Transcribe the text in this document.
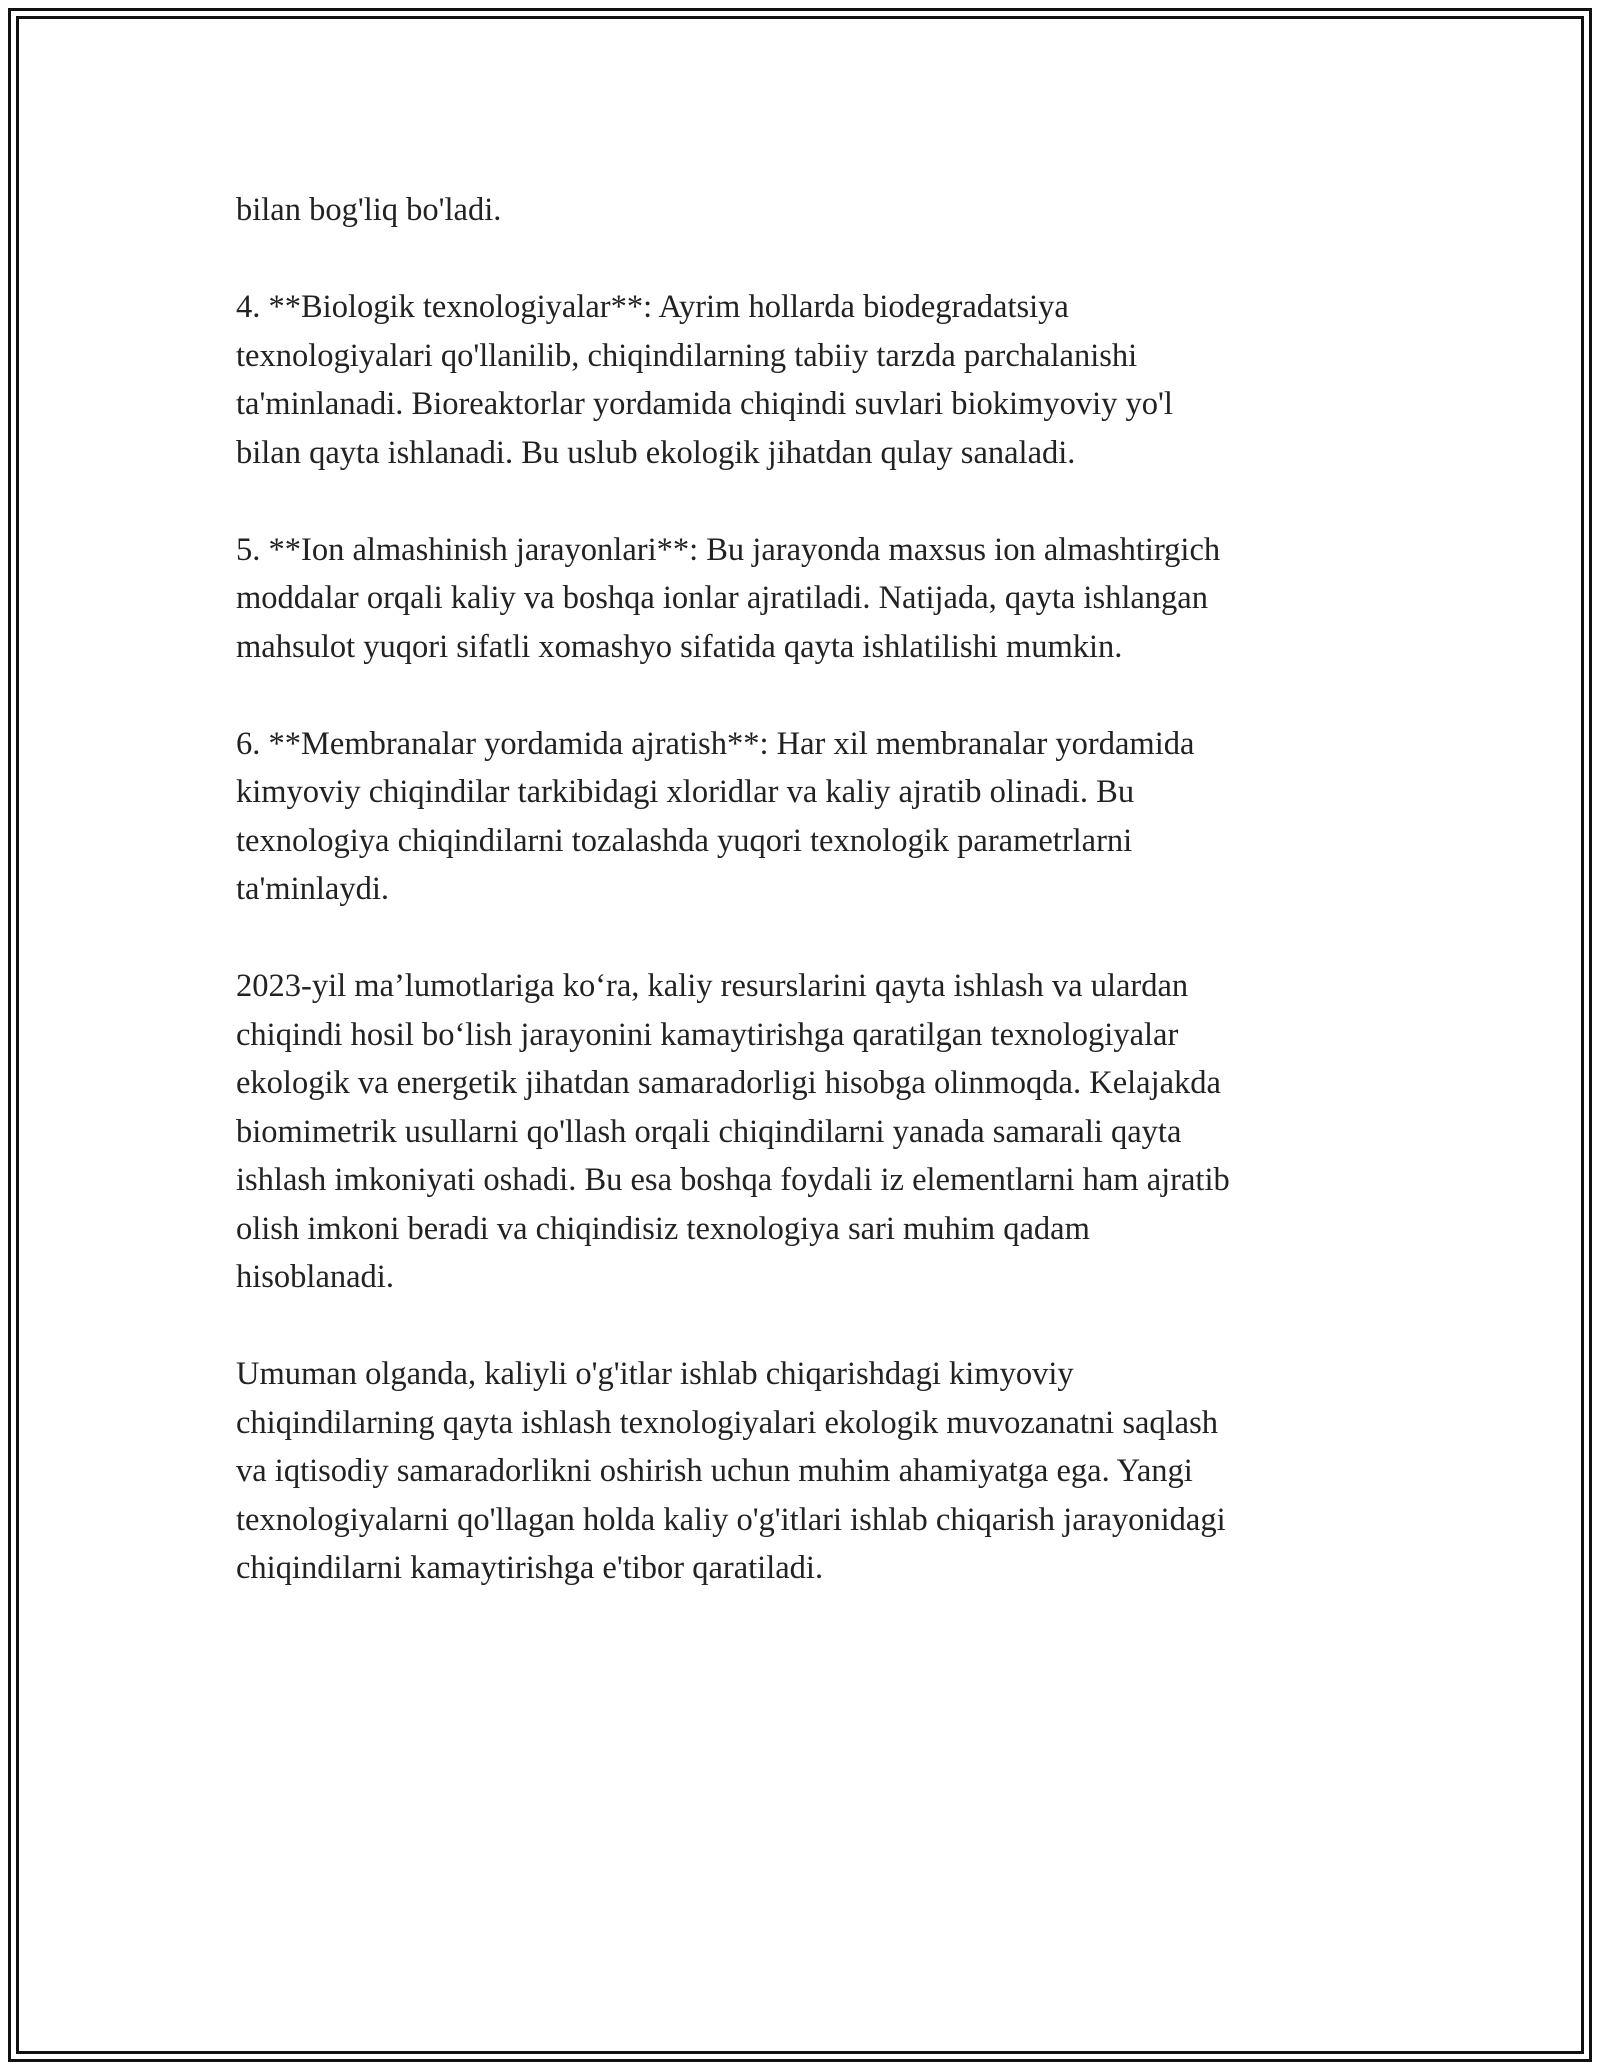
bilan bog'liq bo'ladi.

4. **Biologik texnologiyalar**: Ayrim hollarda biodegradatsiya
texnologiyalari qo'llanilib, chiqindilarning tabiiy tarzda parchalanishi
ta'minlanadi. Bioreaktorlar yordamida chiqindi suvlari biokimyoviy yo'l
bilan qayta ishlanadi. Bu uslub ekologik jihatdan qulay sanaladi.

5. **Ion almashinish jarayonlari**: Bu jarayonda maxsus ion almashtirgich
moddalar orqali kaliy va boshqa ionlar ajratiladi. Natijada, qayta ishlangan
mahsulot yuqori sifatli xomashyo sifatida qayta ishlatilishi mumkin.

6. **Membranalar yordamida ajratish**: Har xil membranalar yordamida
kimyoviy chiqindilar tarkibidagi xloridlar va kaliy ajratib olinadi. Bu
texnologiya chiqindilarni tozalashda yuqori texnologik parametrlarni
ta'minlaydi.

2023-yil ma’lumotlariga ko‘ra, kaliy resurslarini qayta ishlash va ulardan
chiqindi hosil bo‘lish jarayonini kamaytirishga qaratilgan texnologiyalar
ekologik va energetik jihatdan samaradorligi hisobga olinmoqda. Kelajakda
biomimetrik usullarni qo'llash orqali chiqindilarni yanada samarali qayta
ishlash imkoniyati oshadi. Bu esa boshqa foydali iz elementlarni ham ajratib
olish imkoni beradi va chiqindisiz texnologiya sari muhim qadam
hisoblanadi.

Umuman olganda, kaliyli o'g'itlar ishlab chiqarishdagi kimyoviy
chiqindilarning qayta ishlash texnologiyalari ekologik muvozanatni saqlash
va iqtisodiy samaradorlikni oshirish uchun muhim ahamiyatga ega. Yangi
texnologiyalarni qo'llagan holda kaliy o'g'itlari ishlab chiqarish jarayonidagi
chiqindilarni kamaytirishga e'tibor qaratiladi.
